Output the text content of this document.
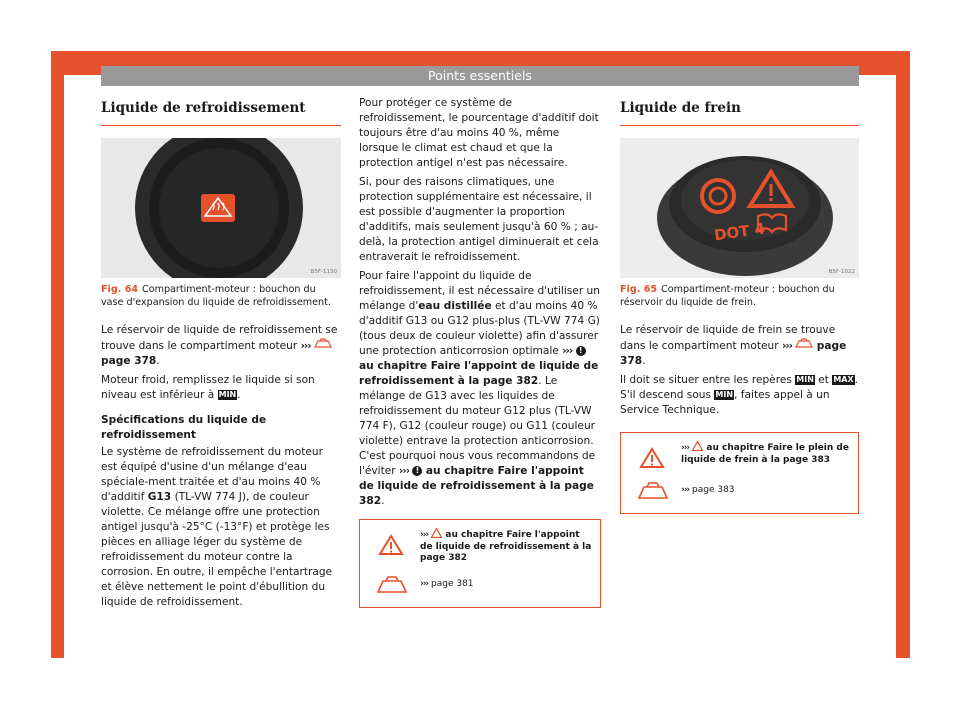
Points essentiels
Liquide de refroidissement
B5F-1130
Fig. 64 Compartiment-moteur : bouchon du vase d'expansion du liquide de refroidissement.

Le réservoir de liquide de refroidissement se trouve dans le compartiment moteur ›››  page 378.

Moteur froid, remplissez le liquide si son niveau est inférieur à MIN.

Spécifications du liquide de refroidissement

Le système de refroidissement du moteur est équipé d'usine d'un mélange d'eau spéciale-ment traitée et d'au moins 40 % d'additif G13 (TL-VW 774 J), de couleur violette. Ce mélange offre une protection antigel jusqu'à -25°C (-13°F) et protège les pièces en alliage léger du système de refroidissement du moteur contre la corrosion. En outre, il empêche l'entartrage et élève nettement le point d'ébullition du liquide de refroidissement.

Pour protéger ce système de refroidissement, le pourcentage d'additif doit toujours être d'au moins 40 %, même lorsque le climat est chaud et que la protection antigel n'est pas nécessaire.

Si, pour des raisons climatiques, une protection supplémentaire est nécessaire, il est possible d'augmenter la proportion d'additifs, mais seulement jusqu'à 60 % ; au-delà, la protection antigel diminuerait et cela entraverait le refroidissement.

Pour faire l'appoint du liquide de refroidissement, il est nécessaire d'utiliser un mélange d'eau distillée et d'au moins 40 % d'additif G13 ou G12 plus-plus (TL-VW 774 G) (tous deux de couleur violette) afin d'assurer une protection anticorrosion optimale ››› ! au chapitre Faire l'appoint de liquide de refroidissement à la page 382. Le mélange de G13 avec les liquides de refroidissement du moteur G12 plus (TL-VW 774 F), G12 (couleur rouge) ou G11 (couleur violette) entrave la protection anticorrosion. C'est pourquoi nous vous recommandons de l'éviter ››› ! au chapitre Faire l'appoint de liquide de refroidissement à la page 382.

››› au chapitre Faire l'appoint de liquide de refroidissement à la page 382
››› page 381
Liquide de frein
DOT 4
B5F-1022
Fig. 65 Compartiment-moteur : bouchon du réservoir du liquide de frein.

Le réservoir de liquide de frein se trouve dans le compartiment moteur ››› page 378.

Il doit se situer entre les repères MIN et MAX. S'il descend sous MIN, faites appel à un Service Technique.

››› au chapitre Faire le plein de liquide de frein à la page 383
››› page 383
51
